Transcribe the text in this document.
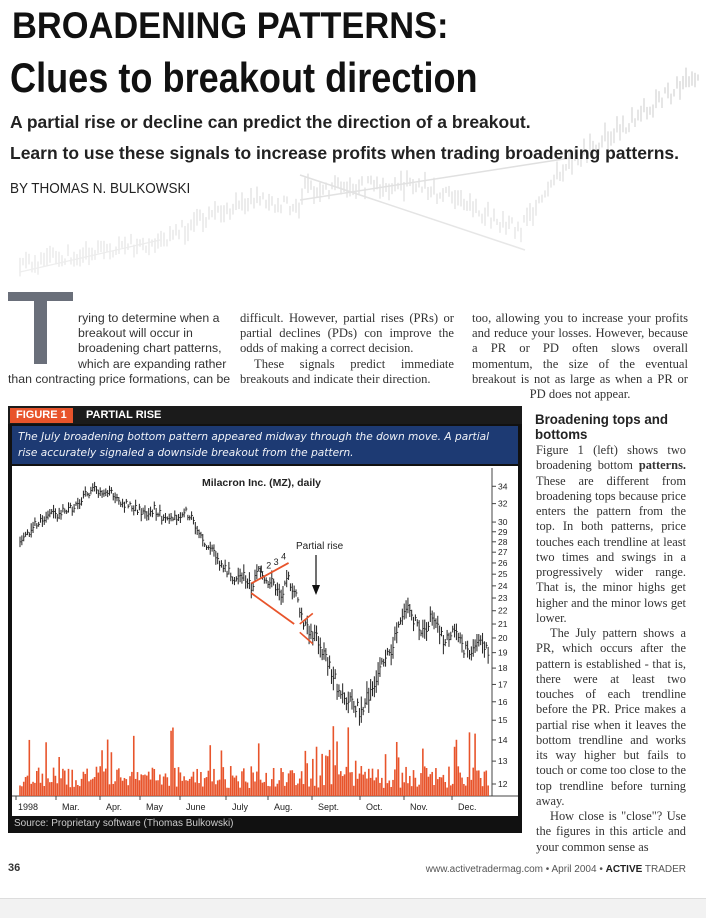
BROADENING PATTERNS:
Clues to breakout direction
A partial rise or decline can predict the direction of a breakout.
Learn to use these signals to increase profits when trading broadening patterns.
BY THOMAS N. BULKOWSKI
rying to determine when a
breakout will occur in
broadening chart patterns,
which are expanding rather
than contracting price formations, can be

difficult. However, partial rises (PRs) or partial declines (PDs) con improve the odds of making a correct decision.

These signals predict immediate breakouts and indicate their direction.

too, allowing you to increase your profits and reduce your losses. However, because a PR or PD often slows overall momentum, the size of the eventual breakout is not as large as when a PR or PD does not appear.

FIGURE 1	PARTIAL RISE
The July broadening bottom pattern appeared midway through the down move. A partial
rise accurately signaled a downside breakout from the pattern.
12
13
14
15
16
17
18
19
20
21
22
23
24
25
26
27
28
29
30
32
34
1998	Mar.	Apr.	May	June	July	Aug.	Sept.	Oct.	Nov.	Dec.
Milacron Inc. (MZ), daily
Partial rise
1 2 3
4
Source: Proprietary software (Thomas Bulkowski)
Broadening tops and bottoms

Figure 1 (left) shows two broadening bottom patterns. These are different from broadening tops because price enters the pattern from the top. In both patterns, price touches each trendline at least two times and swings in a progressively wider range. That is, the minor highs get higher and the minor lows get lower.

The July pattern shows a PR, which occurs after the pattern is established - that is, there were at least two touches of each trendline before the PR. Price makes a partial rise when it leaves the bottom trendline and works its way higher but fails to touch or come too close to the top trendline before turning away.

How close is "close"? Use the figures in this article and your common sense as

36	www.activetradermag.com • April 2004 • ACTIVE TRADER
